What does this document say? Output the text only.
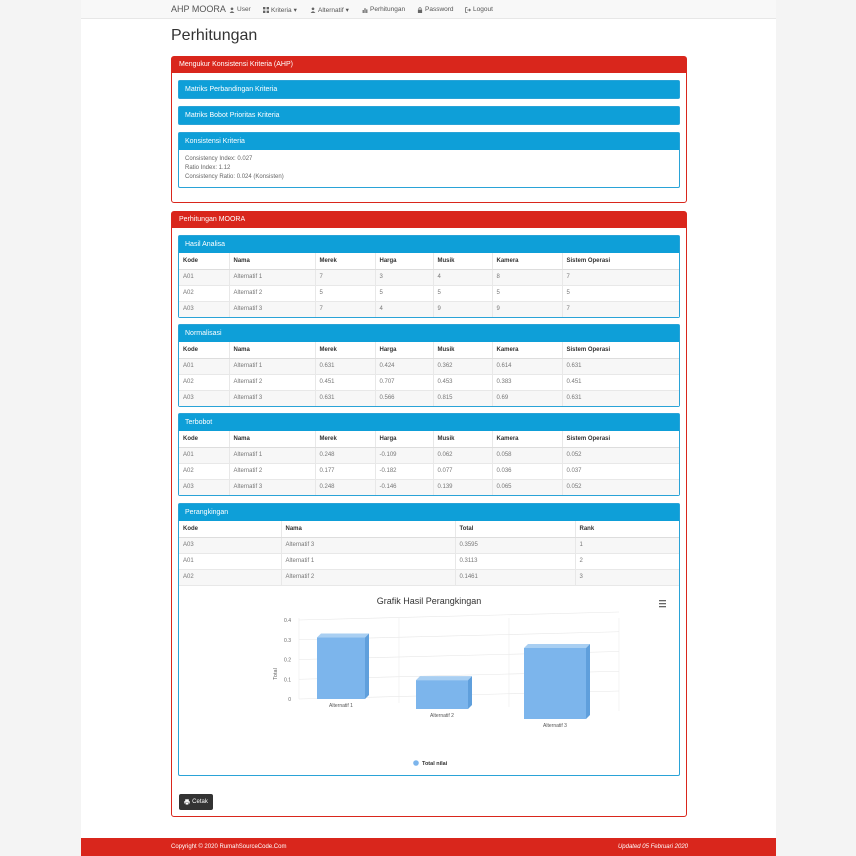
AHP MOORA User	Kriteria ▾	Alternatif ▾	Perhitungan	Password	Logout
Perhitungan
Mengukur Konsistensi Kriteria (AHP)
Matriks Perbandingan Kriteria
Matriks Bobot Prioritas Kriteria
Konsistensi Kriteria
Consistency Index: 0.027
Ratio Index: 1.12
Consistency Ratio: 0.024 (Konsisten)
Perhitungan MOORA
Hasil Analisa
Kode	Nama	Merek	Harga	Musik	Kamera	Sistem Operasi
A01	Alternatif 1	7	3	4	8	7
A02	Alternatif 2	5	5	5	5	5
A03	Alternatif 3	7	4	9	9	7
Normalisasi
Kode	Nama	Merek	Harga	Musik	Kamera	Sistem Operasi
A01	Alternatif 1	0.631	0.424	0.362	0.614	0.631
A02	Alternatif 2	0.451	0.707	0.453	0.383	0.451
A03	Alternatif 3	0.631	0.566	0.815	0.69	0.631
Terbobot
Kode	Nama	Merek	Harga	Musik	Kamera	Sistem Operasi
A01	Alternatif 1	0.248	-0.109	0.062	0.058	0.052
A02	Alternatif 2	0.177	-0.182	0.077	0.036	0.037
A03	Alternatif 3	0.248	-0.146	0.139	0.065	0.052
Perangkingan
Kode	Nama	Total	Rank
A03	Alternatif 3	0.3595	1
A01	Alternatif 1	0.3113	2
A02	Alternatif 2	0.1461	3
Grafik Hasil Perangkingan
0
0.1
0.2
0.3
0.4
Total
Alternatif 1
Alternatif 2
Alternatif 3
Total nilai
Cetak
Copyright © 2020 RumahSourceCode.Com	Updated 05 Februari 2020
